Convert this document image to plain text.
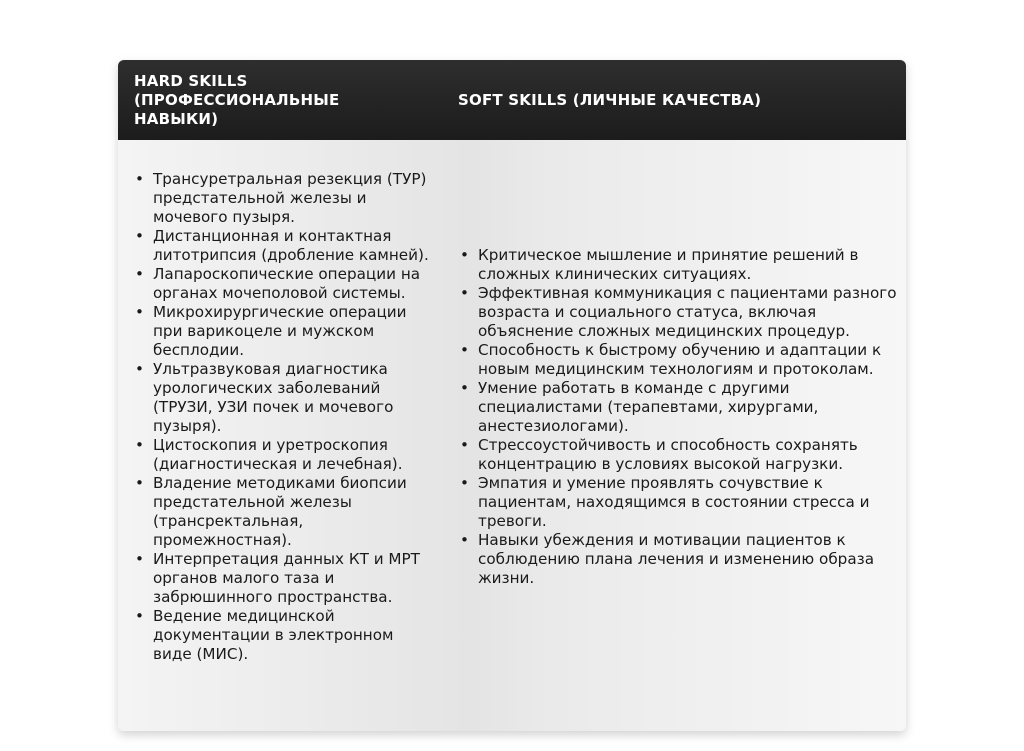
HARD SKILLS (ПРОФЕССИОНАЛЬНЫЕ НАВЫКИ)
SOFT SKILLS (ЛИЧНЫЕ КАЧЕСТВА)
• Трансуретральная резекция (ТУР) предстательной железы и мочевого пузыря.
• Дистанционная и контактная литотрипсия (дробление камней).
• Лапароскопические операции на органах мочеполовой системы.
• Микрохирургические операции при варикоцеле и мужском бесплодии.
• Ультразвуковая диагностика урологических заболеваний (ТРУЗИ, УЗИ почек и мочевого пузыря).
• Цистоскопия и уретроскопия (диагностическая и лечебная).
• Владение методиками биопсии предстательной железы (трансректальная, промежностная).
• Интерпретация данных КТ и МРТ органов малого таза и забрюшинного пространства.
• Ведение медицинской документации в электронном виде (МИС).
• Критическое мышление и принятие решений в сложных клинических ситуациях.
• Эффективная коммуникация с пациентами разного возраста и социального статуса, включая объяснение сложных медицинских процедур.
• Способность к быстрому обучению и адаптации к новым медицинским технологиям и протоколам.
• Умение работать в команде с другими специалистами (терапевтами, хирургами, анестезиологами).
• Стрессоустойчивость и способность сохранять концентрацию в условиях высокой нагрузки.
• Эмпатия и умение проявлять сочувствие к пациентам, находящимся в состоянии стресса и тревоги.
• Навыки убеждения и мотивации пациентов к соблюдению плана лечения и изменению образа жизни.
